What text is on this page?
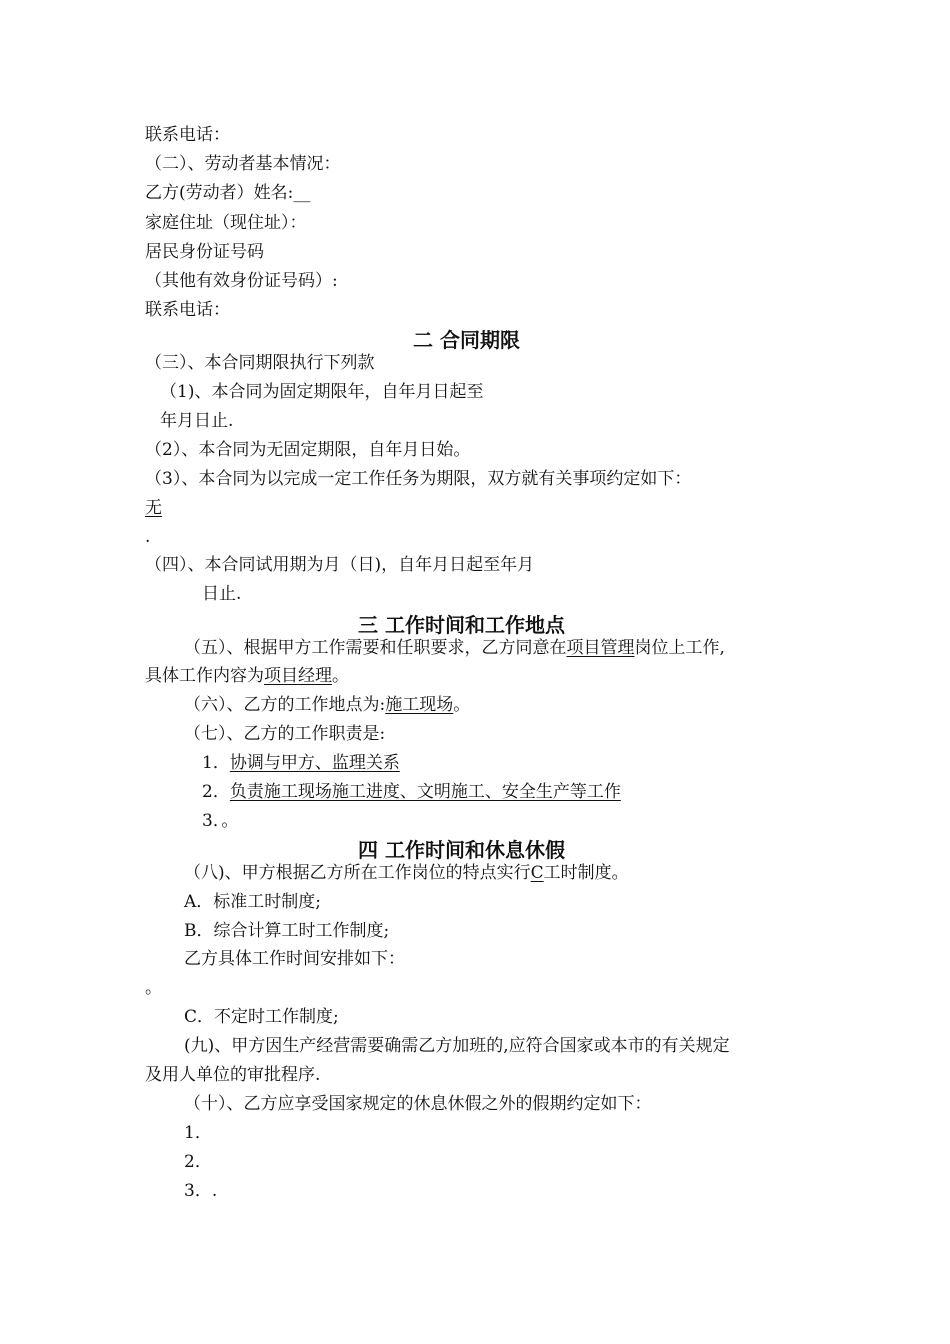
联系电话：
（二）、劳动者基本情况：
乙方(劳动者）姓名:__
家庭住址（现住址）：
居民身份证号码
（其他有效身份证号码）:
联系电话：
二 合同期限
（三）、本合同期限执行下列款
（1)、本合同为固定期限年，自年月日起至
年月日止.
（2）、本合同为无固定期限，自年月日始。
（3）、本合同为以完成一定工作任务为期限，双方就有关事项约定如下：
无
.
（四）、本合同试用期为月（日)，自年月日起至年月
日止.
三 工作时间和工作地点
（五）、根据甲方工作需要和任职要求，乙方同意在项目管理岗位上工作,
具体工作内容为项目经理。
（六）、乙方的工作地点为:施工现场。
（七）、乙方的工作职责是:
1．协调与甲方、监理关系
2．负责施工现场施工进度、文明施工、安全生产等工作
3．。
四 工作时间和休息休假
（八)、甲方根据乙方所在工作岗位的特点实行C工时制度。
A．标准工时制度;
B．综合计算工时工作制度;
乙方具体工作时间安排如下：
。
C．不定时工作制度;
(九)、甲方因生产经营需要确需乙方加班的,应符合国家或本市的有关规定
及用人单位的审批程序.
（十）、乙方应享受国家规定的休息休假之外的假期约定如下：
1．
2．
3．.
